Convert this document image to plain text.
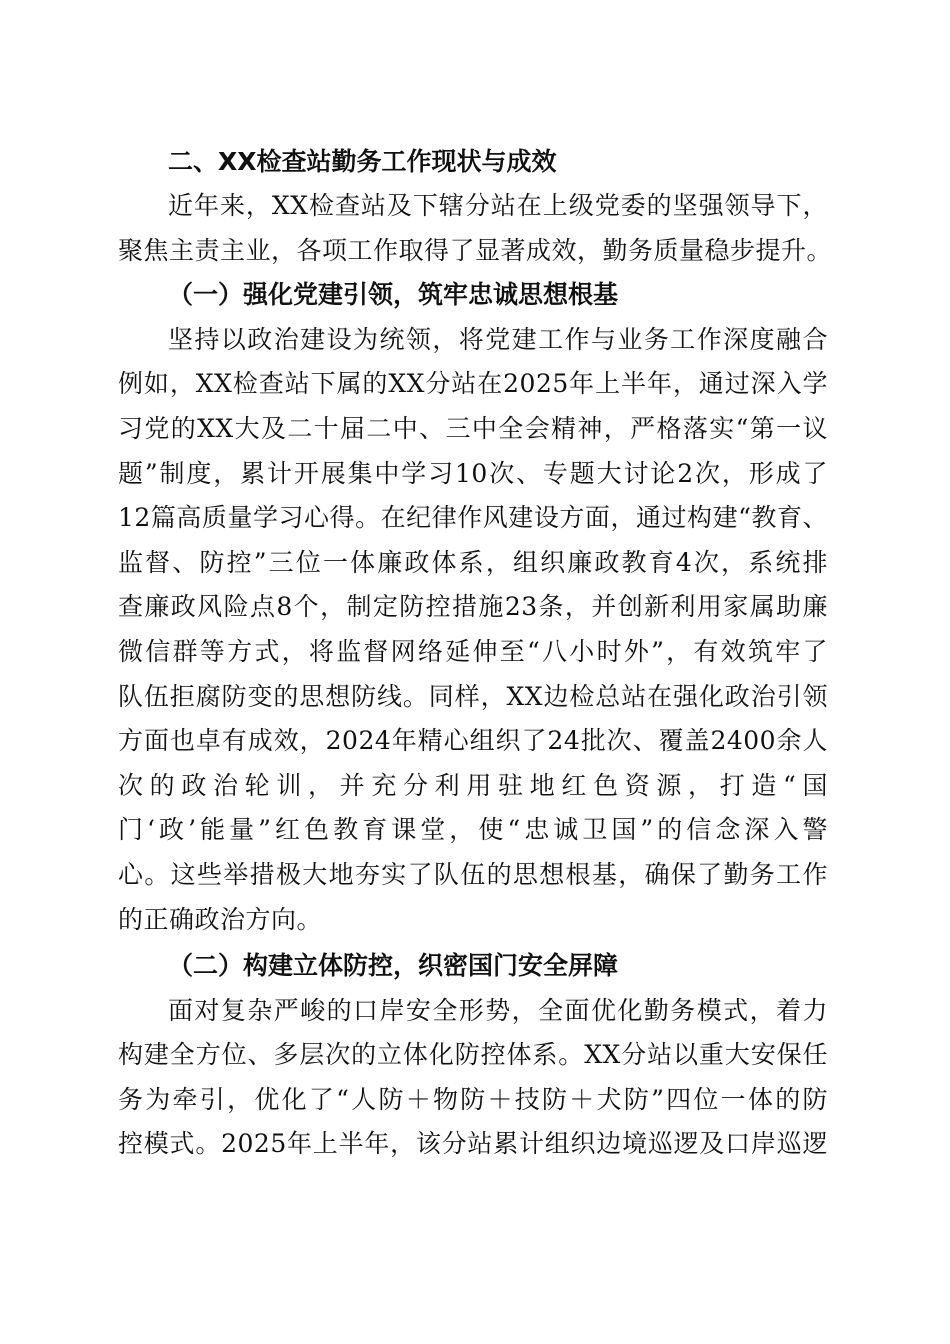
二、XX检查站勤务工作现状与成效

近年来，XX检查站及下辖分站在上级党委的坚强领导下，
聚焦主责主业，各项工作取得了显著成效，勤务质量稳步提升。

（一）强化党建引领，筑牢忠诚思想根基

坚持以政治建设为统领，将党建工作与业务工作深度融合
例如，XX检查站下属的XX分站在2025年上半年，通过深入学
习党的XX大及二十届二中、三中全会精神，严格落实“第一议
题”制度，累计开展集中学习10次、专题大讨论2次，形成了
12篇高质量学习心得。在纪律作风建设方面，通过构建“教育、
监督、防控”三位一体廉政体系，组织廉政教育4次，系统排
查廉政风险点8个，制定防控措施23条，并创新利用家属助廉
微信群等方式，将监督网络延伸至“八小时外”，有效筑牢了
队伍拒腐防变的思想防线。同样，XX边检总站在强化政治引领
方面也卓有成效，2024年精心组织了24批次、覆盖2400余人
次的政治轮训，并充分利用驻地红色资源，打造“国
门‘政’能量”红色教育课堂，使“忠诚卫国”的信念深入警
心。这些举措极大地夯实了队伍的思想根基，确保了勤务工作
的正确政治方向。

（二）构建立体防控，织密国门安全屏障

面对复杂严峻的口岸安全形势，全面优化勤务模式，着力
构建全方位、多层次的立体化防控体系。XX分站以重大安保任
务为牵引，优化了“人防＋物防＋技防＋犬防”四位一体的防
控模式。2025年上半年，该分站累计组织边境巡逻及口岸巡逻
